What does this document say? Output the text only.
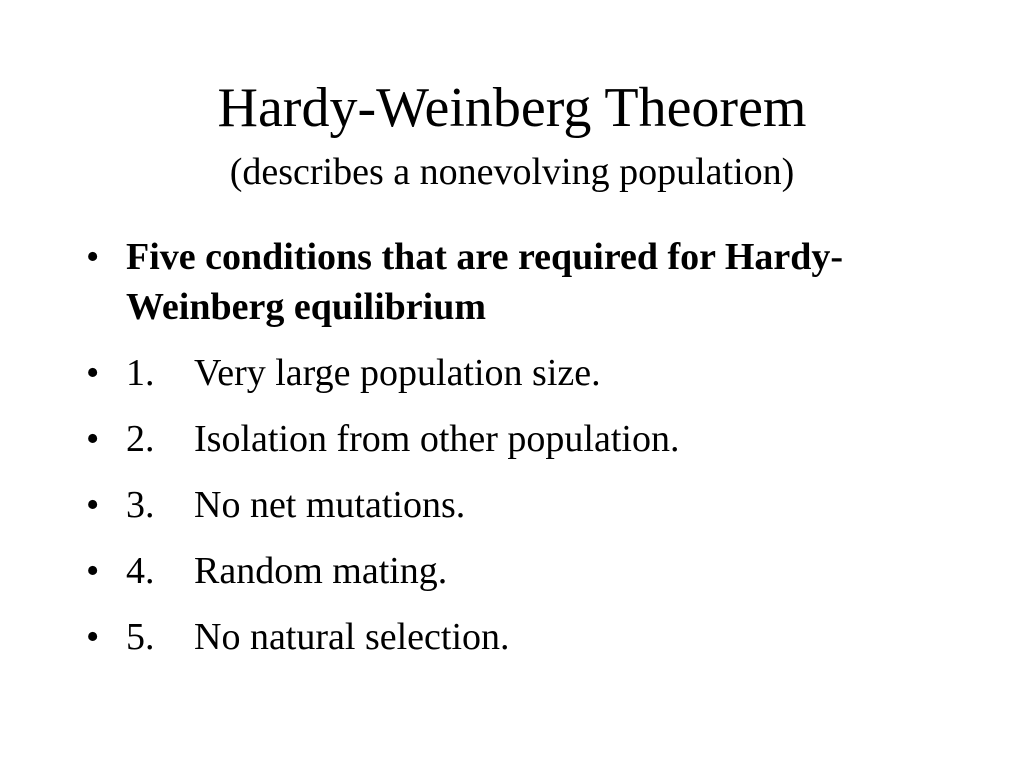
Hardy-Weinberg Theorem
(describes a nonevolving population)
• Five conditions that are required for Hardy-Weinberg equilibrium
• 1. Very large population size.
• 2. Isolation from other population.
• 3. No net mutations.
• 4. Random mating.
• 5. No natural selection.
